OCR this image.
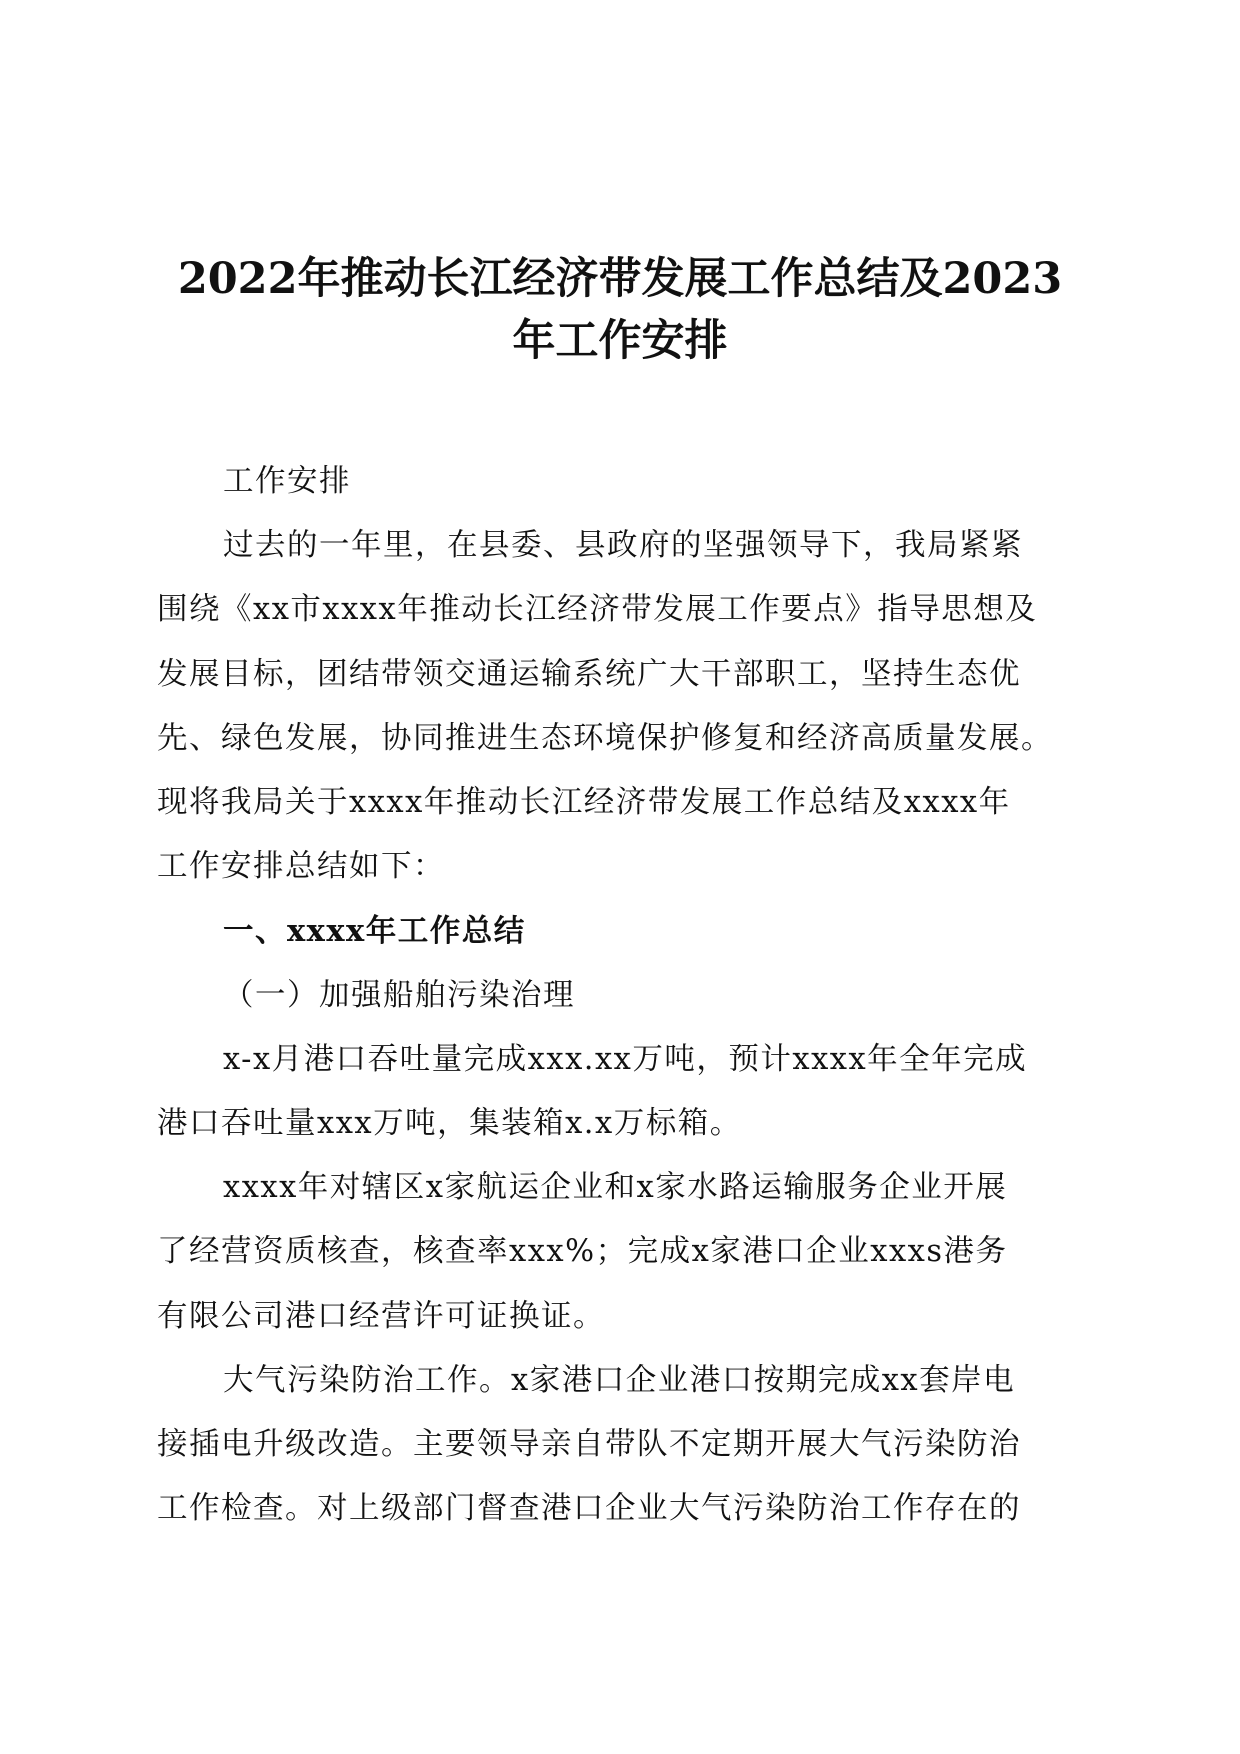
2022年推动长江经济带发展工作总结及2023
年工作安排

工作安排

过去的一年里，在县委、县政府的坚强领导下，我局紧紧
围绕《xx市xxxx年推动长江经济带发展工作要点》指导思想及
发展目标，团结带领交通运输系统广大干部职工，坚持生态优
先、绿色发展，协同推进生态环境保护修复和经济高质量发展。
现将我局关于xxxx年推动长江经济带发展工作总结及xxxx年
工作安排总结如下：

一、xxxx年工作总结

（一）加强船舶污染治理

x-x月港口吞吐量完成xxx.xx万吨，预计xxxx年全年完成
港口吞吐量xxx万吨，集装箱x.x万标箱。

xxxx年对辖区x家航运企业和x家水路运输服务企业开展
了经营资质核查，核查率xxx%；完成x家港口企业xxxs港务
有限公司港口经营许可证换证。

大气污染防治工作。x家港口企业港口按期完成xx套岸电
接插电升级改造。主要领导亲自带队不定期开展大气污染防治
工作检查。对上级部门督查港口企业大气污染防治工作存在的
